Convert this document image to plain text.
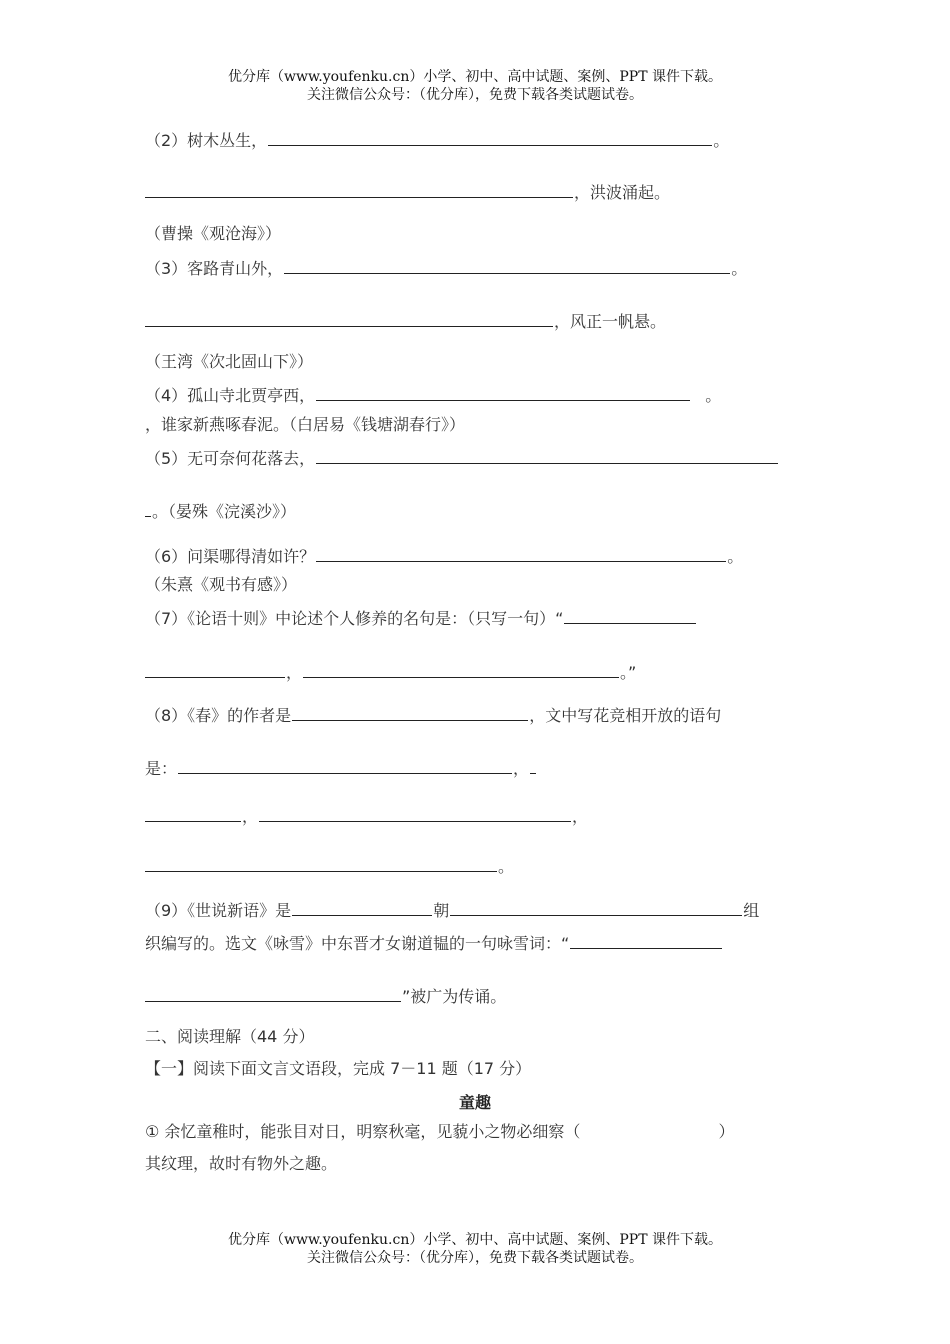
优分库（www.youfenku.cn）小学、初中、高中试题、案例、PPT 课件下载。
关注微信公众号：（优分库），免费下载各类试题试卷。
（2）树木丛生，	。
，洪波涌起。
（曹操《观沧海》）
（3）客路青山外，	。
，风正一帆悬。
（王湾《次北固山下》）
（4）孤山寺北贾亭西，	。
，谁家新燕啄春泥。（白居易《钱塘湖春行》）
（5）无可奈何花落去，
。（晏殊《浣溪沙》）
（6）问渠哪得清如许？	。
（朱熹《观书有感》）
（7）《论语十则》中论述个人修养的名句是：（只写一句）“
，	。”
（8）《春》的作者是	，文中写花竞相开放的语句
是：	，
，	，
。
（9）《世说新语》是	朝	组
织编写的。选文《咏雪》中东晋才女谢道韫的一句咏雪词：“
”被广为传诵。
二、阅读理解（44 分）
【一】阅读下面文言文语段，完成 7－11 题（17 分）
童趣
① 余忆童稚时，能张目对日，明察秋毫，见藐小之物必细察（	）
其纹理，故时有物外之趣。
优分库（www.youfenku.cn）小学、初中、高中试题、案例、PPT 课件下载。
关注微信公众号：（优分库），免费下载各类试题试卷。
